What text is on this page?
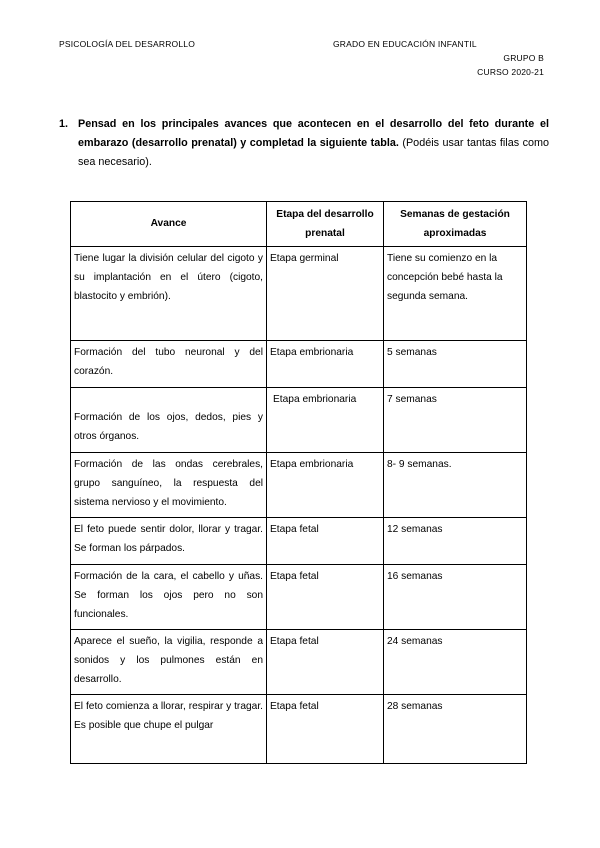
PSICOLOGÍA DEL DESARROLLO	GRADO EN EDUCACIÓN INFANTIL
GRUPO B
CURSO 2020-21
1. Pensad en los principales avances que acontecen en el desarrollo del feto durante el embarazo (desarrollo prenatal) y completad la siguiente tabla. (Podéis usar tantas filas como sea necesario).
Avance	Etapa del desarrollo prenatal	Semanas de gestación aproximadas
Tiene lugar la división celular del cigoto y su implantación en el útero (cigoto, blastocito y embrión).	Etapa germinal	Tiene su comienzo en la concepción bebé hasta la segunda semana.
Formación del tubo neuronal y del corazón.	Etapa embrionaria	5 semanas
Formación de los ojos, dedos, pies y otros órganos.	Etapa embrionaria	7 semanas
Formación de las ondas cerebrales, grupo sanguíneo, la respuesta del sistema nervioso y el movimiento.	Etapa embrionaria	8- 9 semanas.
El feto puede sentir dolor, llorar y tragar. Se forman los párpados.	Etapa fetal	12 semanas
Formación de la cara, el cabello y uñas. Se forman los ojos pero no son funcionales.	Etapa fetal	16 semanas
Aparece el sueño, la vigilia, responde a sonidos y los pulmones están en desarrollo.	Etapa fetal	24 semanas
El feto comienza a llorar, respirar y tragar. Es posible que chupe el pulgar	Etapa fetal	28 semanas
